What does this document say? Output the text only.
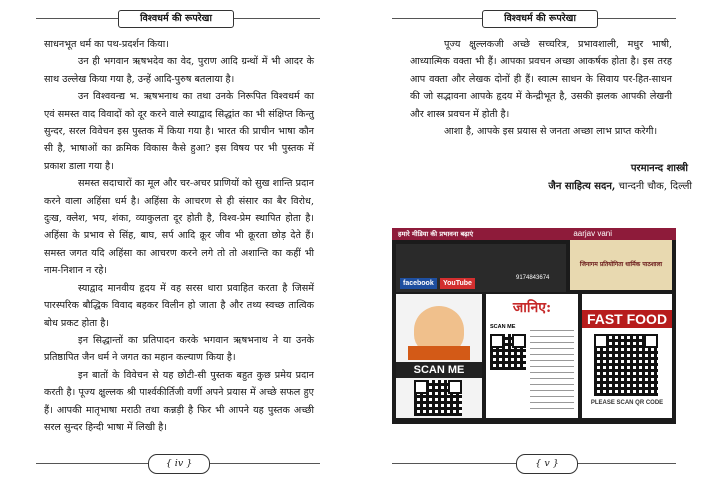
विश्वधर्म की रूपरेखा

साधनभूत धर्म का पथ-प्रदर्शन किया।

उन ही भगवान ऋषभदेव का वेद, पुराण आदि ग्रन्थों में भी आदर के साथ उल्लेख किया गया है, उन्हें आदि-पुरुष बतलाया है।

उन विश्ववन्द्य भ. ऋषभनाथ का तथा उनके निरूपित विश्वधर्म का एवं समस्त वाद विवादों को दूर करने वाले स्याद्वाद सिद्धांत का भी संक्षिप्त किन्तु सुन्दर, सरल विवेचन इस पुस्तक में किया गया है। भारत की प्राचीन भाषा कौन सी है, भाषाओं का क्रमिक विकास कैसे हुआ? इस विषय पर भी पुस्तक में प्रकाश डाला गया है।

समस्त सदाचारों का मूल और चर-अचर प्राणियों को सुख शान्ति प्रदान करने वाला अहिंसा धर्म है। अहिंसा के आचरण से ही संसार का बैर विरोध, दुःख, क्लेश, भय, शंका, व्याकुलता दूर होती है, विश्व-प्रेम स्थापित होता है। अहिंसा के प्रभाव से सिंह, बाघ, सर्प आदि क्रूर जीव भी क्रूरता छोड़ देते हैं। समस्त जगत यदि अहिंसा का आचरण करने लगे तो तो अशान्ति का कहीं भी नाम-निशान न रहे।

स्याद्वाद मानवीय हृदय में वह सरस धारा प्रवाहित करता है जिसमें पारस्परिक बौद्धिक विवाद बहकर विलीन हो जाता है और तथ्य स्वच्छ तात्विक बोध प्रकट होता है।

इन सिद्धान्तों का प्रतिपादन करके भगवान ऋषभनाथ ने या उनके प्रतिष्ठापित जैन धर्म ने जगत का महान कल्याण किया है।

इन बातों के विवेचन से यह छोटी-सी पुस्तक बहुत कुछ प्रमेय प्रदान करती है। पूज्य क्षुल्लक श्री पार्श्वकीर्तिजी वर्णी अपने प्रयास में अच्छे सफल हुए हैं। आपकी मातृभाषा मराठी तथा कन्नड़ी है फिर भी आपने यह पुस्तक अच्छी सरल सुन्दर हिन्दी भाषा में लिखी है।

{ iv }
विश्वधर्म की रूपरेखा

पूज्य क्षुल्लकजी अच्छे सच्चरित्र, प्रभावशाली, मधुर भाषी, आध्यात्मिक वक्ता भी हैं। आपका प्रवचन अच्छा आकर्षक होता है। इस तरह आप वक्ता और लेखक दोनों ही हैं। स्वात्म साधन के सिवाय पर-हित-साधन की जो सद्भावना आपके हृदय में केन्द्रीभूत है, उसकी झलक आपकी लेखनी और शास्त्र प्रवचन में होती है।

आशा है, आपके इस प्रयास से जनता अच्छा लाभ प्राप्त करेगी।

परमानन्द शास्त्री
जैन साहित्य सदन, चान्दनी चौक, दिल्ली
हमारे मीडिया की प्रभावना बढ़ाएं	aarjav vani
facebook	YouTube
9174843674
जिनागम प्रतियोगिता धार्मिक पाठशाला
SCAN ME
जानिए:
SCAN ME	FAST FOOD
PLEASE SCAN QR CODE
{ v }
